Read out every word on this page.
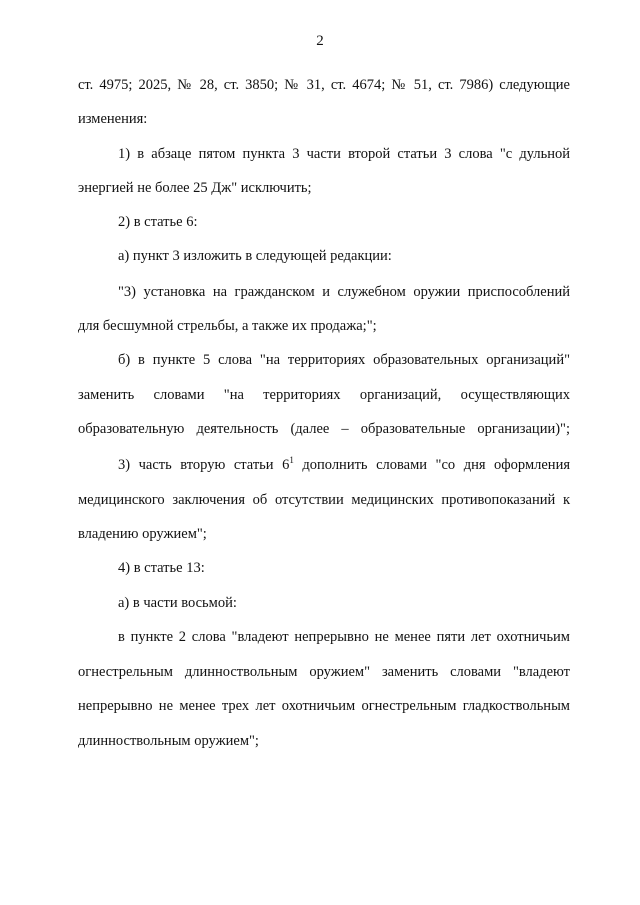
2
ст. 4975; 2025, № 28, ст. 3850; № 31, ст. 4674; № 51, ст. 7986) следующие
изменения:
1) в абзаце пятом пункта 3 части второй статьи 3 слова "с дульной
энергией не более 25 Дж" исключить;
2) в статье 6:
а) пункт 3 изложить в следующей редакции:
"3) установка на гражданском и служебном оружии приспособлений
для бесшумной стрельбы, а также их продажа;";
б) в пункте 5 слова "на территориях образовательных организаций"
заменить словами "на территориях организаций, осуществляющих
образовательную деятельность (далее – образовательные организации)";
3) часть вторую статьи $6^1$ дополнить словами "со дня оформления
медицинского заключения об отсутствии медицинских противопоказаний к
владению оружием";
4) в статье 13:
а) в части восьмой:
в пункте 2 слова "владеют непрерывно не менее пяти лет охотничьим
огнестрельным длинноствольным оружием" заменить словами "владеют
непрерывно не менее трех лет охотничьим огнестрельным гладкоствольным
длинноствольным оружием";
